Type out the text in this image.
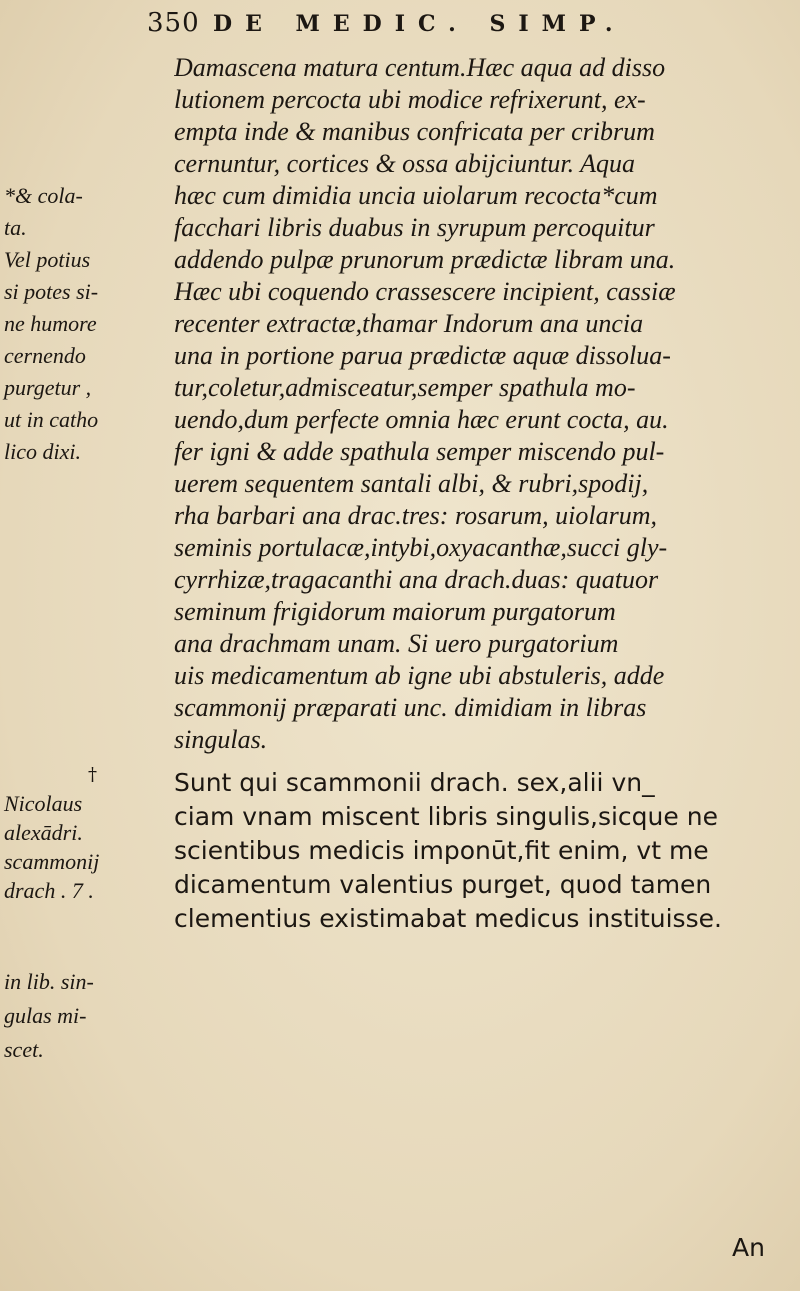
350 DE MEDIC. SIMP.
Damascena matura centum.Hæc aqua ad disso
lutionem percocta ubi modice refrixerunt, ex-
empta inde & manibus confricata per cribrum
cernuntur, cortices & ossa abijciuntur. Aqua
hæc cum dimidia uncia uiolarum recocta*cum
facchari libris duabus in syrupum percoquitur
addendo pulpæ prunorum prædictæ libram una.
Hæc ubi coquendo crassescere incipient, cassiæ
recenter extractæ,thamar Indorum ana uncia
una in portione parua prædictæ aquæ dissolua-
tur,coletur,admisceatur,semper spathula mo-
uendo,dum perfecte omnia hæc erunt cocta, au.
fer igni & adde spathula semper miscendo pul-
uerem sequentem santali albi, & rubri,spodij,
rha barbari ana drac.tres: rosarum, uiolarum,
seminis portulacæ,intybi,oxyacanthæ,succi gly-
cyrrhizæ,tragacanthi ana drach.duas: quatuor
seminum frigidorum maiorum purgatorum
ana drachmam unam. Si uero purgatorium
uis medicamentum ab igne ubi abstuleris, adde
scammonij præparati unc. dimidiam in libras
singulas.
Sunt qui scammonii drach. sex,alii vn_
ciam vnam miscent libris singulis,sicque ne
scientibus medicis imponūt,fit enim, vt me
dicamentum valentius purget, quod tamen
clementius existimabat medicus instituisse.
*& cola-
ta.
Vel potius
si potes si-
ne humore
cernendo
purgetur ,
ut in catho
lico dixi.
†
Nicolaus
alexādri.
scammonij
drach . 7 .
in lib. sin-
gulas mi-
scet.
An
